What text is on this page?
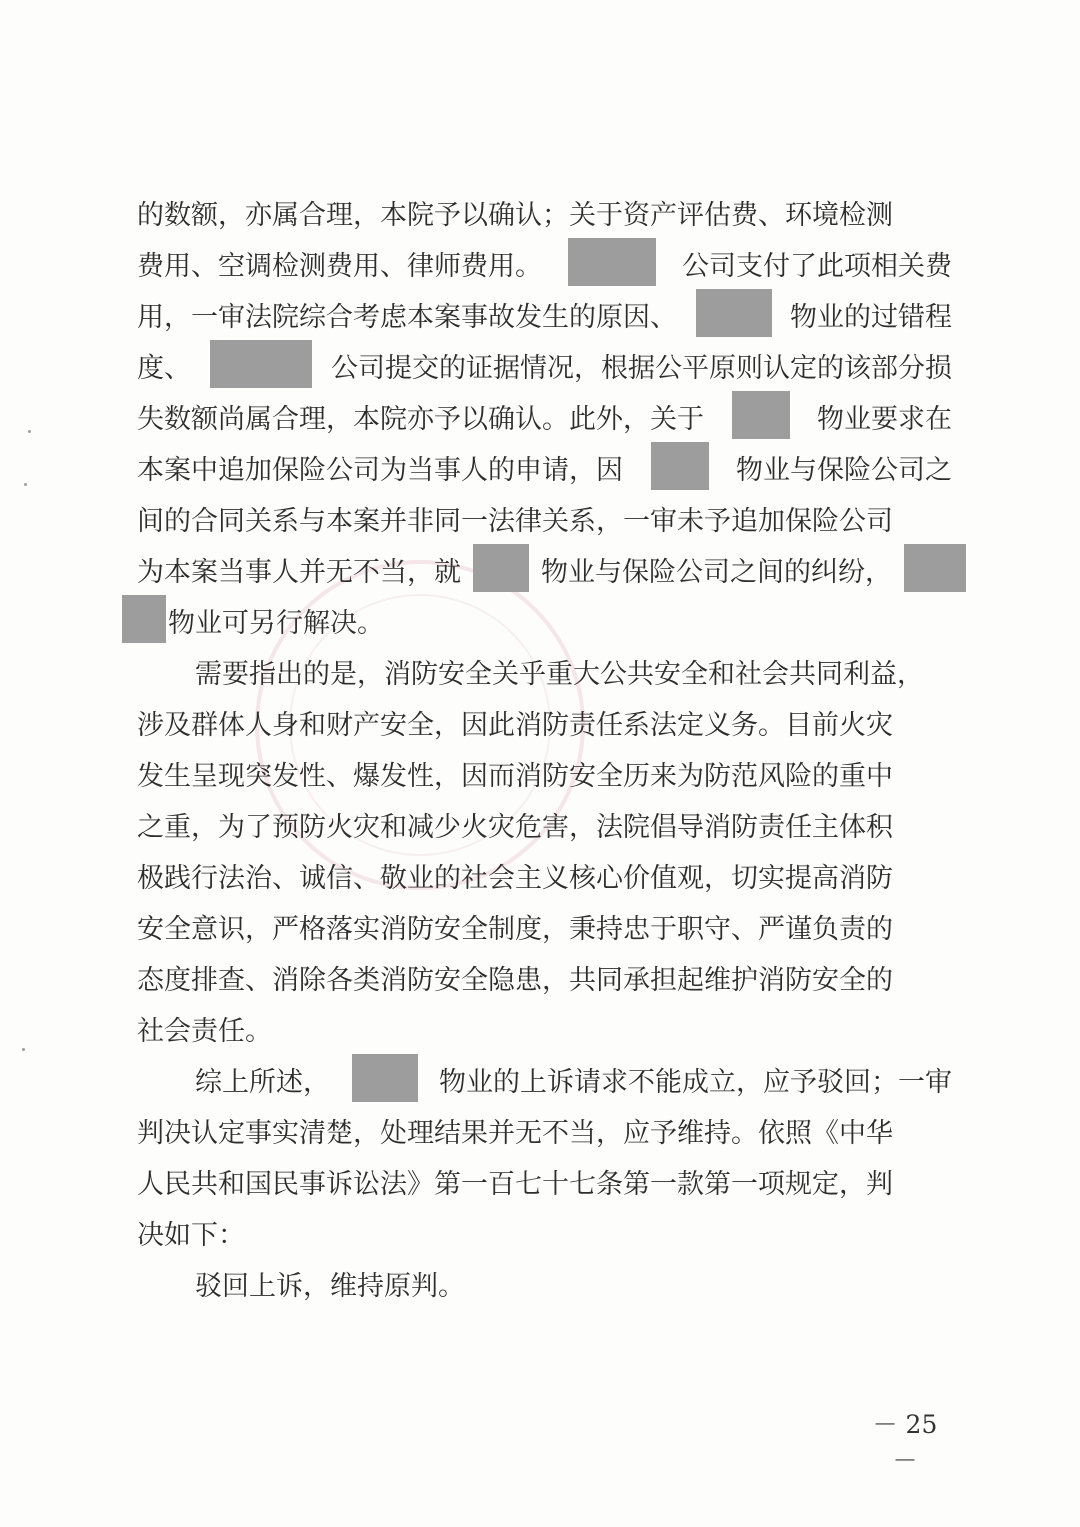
的数额，亦属合理，本院予以确认；关于资产评估费、环境检测
费用、空调检测费用、律师费用。	公司支付了此项相关费
用，一审法院综合考虑本案事故发生的原因、	物业的过错程
度、	公司提交的证据情况，根据公平原则认定的该部分损
失数额尚属合理，本院亦予以确认。此外，关于	物业要求在
本案中追加保险公司为当事人的申请，因	物业与保险公司之
间的合同关系与本案并非同一法律关系，一审未予追加保险公司
为本案当事人并无不当，就	物业与保险公司之间的纠纷，
物业可另行解决。
需要指出的是，消防安全关乎重大公共安全和社会共同利益，
涉及群体人身和财产安全，因此消防责任系法定义务。目前火灾
发生呈现突发性、爆发性，因而消防安全历来为防范风险的重中
之重，为了预防火灾和减少火灾危害，法院倡导消防责任主体积
极践行法治、诚信、敬业的社会主义核心价值观，切实提高消防
安全意识，严格落实消防安全制度，秉持忠于职守、严谨负责的
态度排查、消除各类消防安全隐患，共同承担起维护消防安全的
社会责任。
综上所述，	物业的上诉请求不能成立，应予驳回；一审
判决认定事实清楚，处理结果并无不当，应予维持。依照《中华
人民共和国民事诉讼法》第一百七十七条第一款第一项规定，判
决如下：
驳回上诉，维持原判。
－ 25 －
